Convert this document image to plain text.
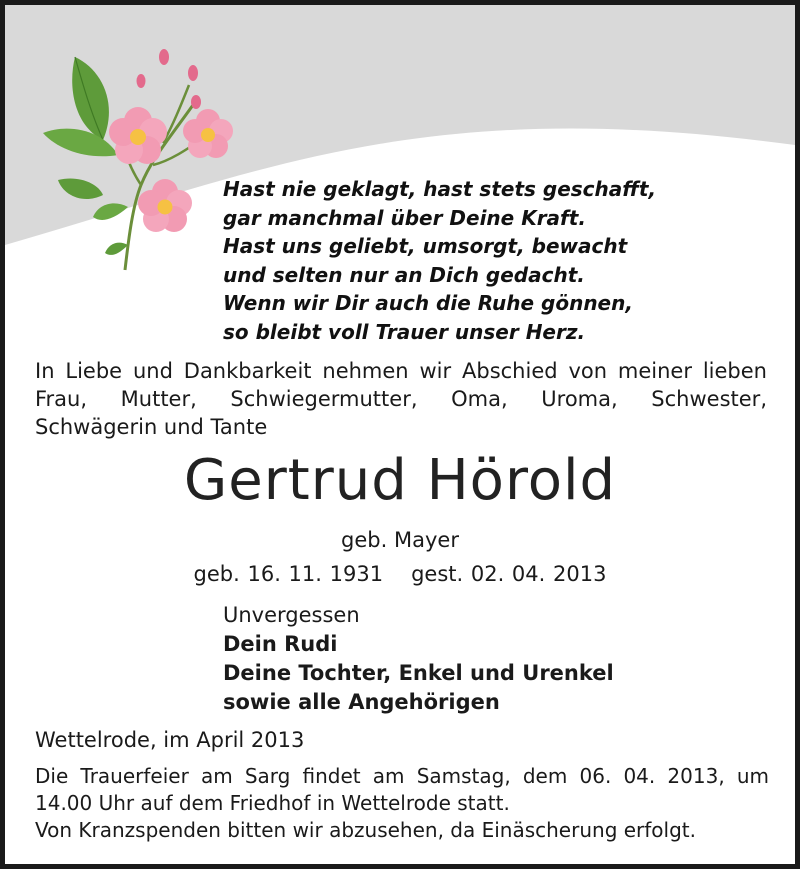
Hast nie geklagt, hast stets geschafft,
gar manchmal über Deine Kraft.
Hast uns geliebt, umsorgt, bewacht
und selten nur an Dich gedacht.
Wenn wir Dir auch die Ruhe gönnen,
so bleibt voll Trauer unser Herz.
In Liebe und Dankbarkeit nehmen wir Abschied von meiner lieben
Frau, Mutter, Schwiegermutter, Oma, Uroma, Schwester,
Schwägerin und Tante
Gertrud Hörold
geb. Mayer
geb. 16. 11. 1931 gest. 02. 04. 2013
Unvergessen
Dein Rudi
Deine Tochter, Enkel und Urenkel
sowie alle Angehörigen
Wettelrode, im April 2013
Die Trauerfeier am Sarg findet am Samstag, dem 06. 04. 2013, um
14.00 Uhr auf dem Friedhof in Wettelrode statt.
Von Kranzspenden bitten wir abzusehen, da Einäscherung erfolgt.
